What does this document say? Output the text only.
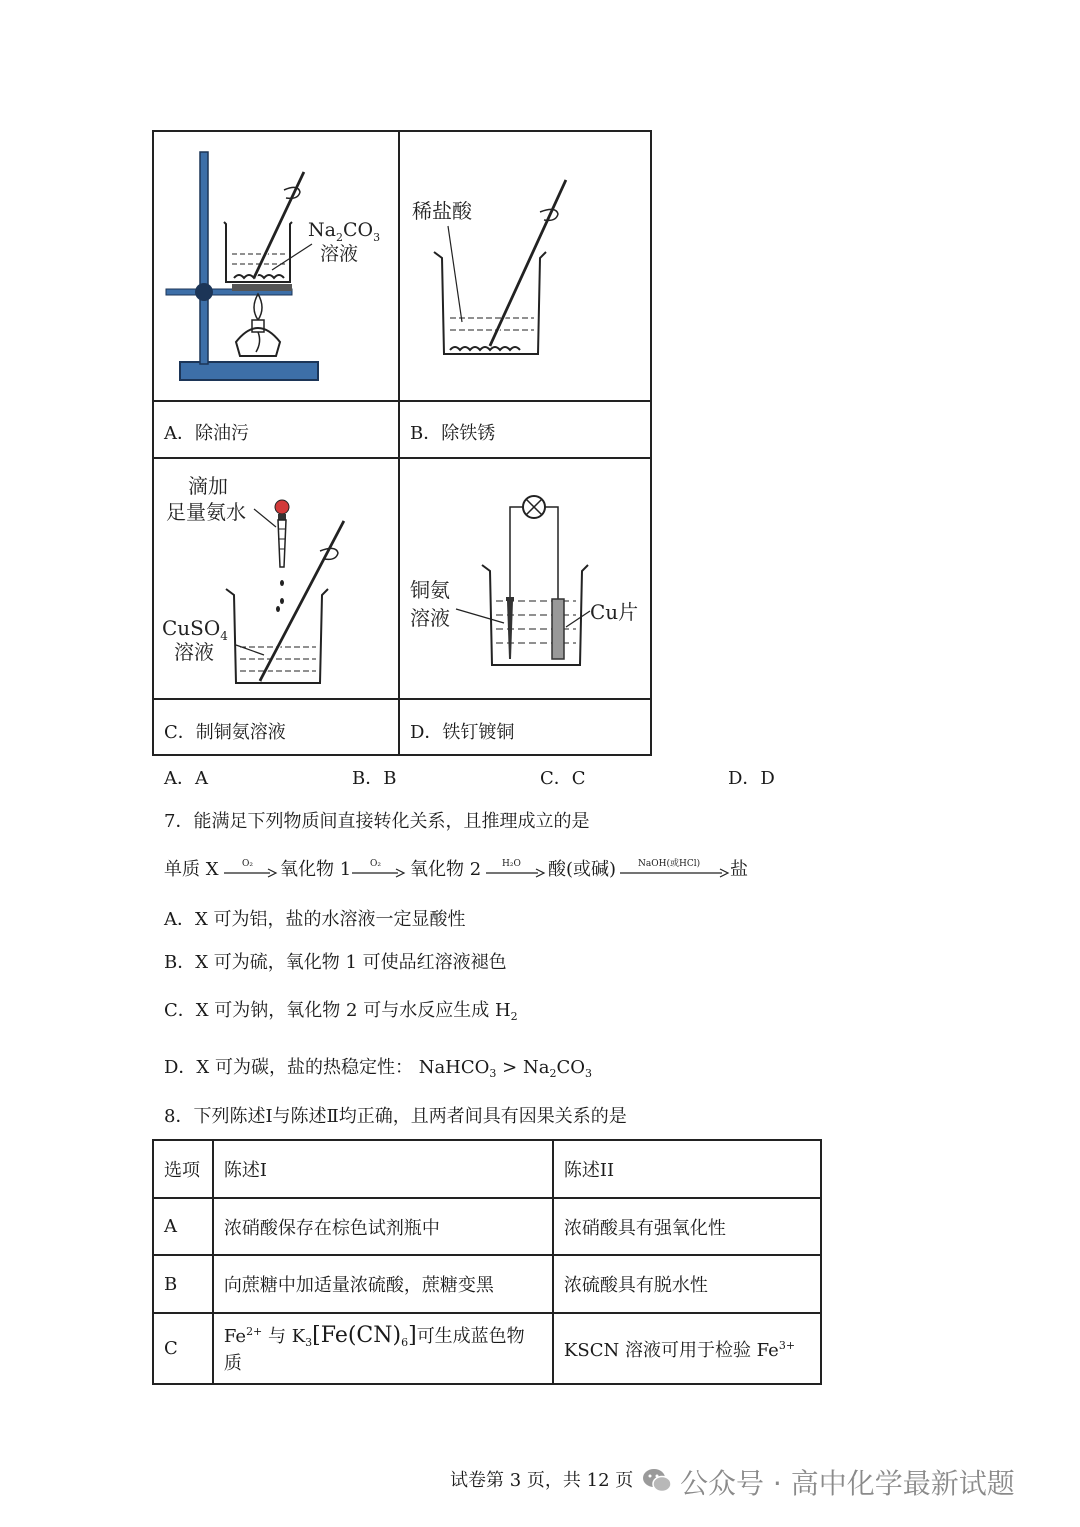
$Na_2CO_3$
溶液
稀盐酸
滴加
足量氨水
CuSO$_4$
溶液
铜氨
溶液	Cu片
A．除油污	B．除铁锈
C．制铜氨溶液	D．铁钉镀铜
A．A	B．B	C．C	D．D
7．能满足下列物质间直接转化关系，且推理成立的是
单质 X	O₂ 氧化物 1 O₂ 氧化物 2 H₂O 酸(或碱) NaOH(或HCl) 盐
A．X 可为铝，盐的水溶液一定显酸性
B．X 可为硫，氧化物 1 可使品红溶液褪色
C．X 可为钠，氧化物 2 可与水反应生成 $H_2$
D．X 可为碳，盐的热稳定性： NaHCO$_3$ > $Na_2CO_3$
8．下列陈述Ⅰ与陈述Ⅱ均正确，且两者间具有因果关系的是
选项	陈述I	陈述II
A	浓硝酸保存在棕色试剂瓶中	浓硝酸具有强氧化性
B	向蔗糖中加适量浓硫酸，蔗糖变黑	浓硫酸具有脱水性
C	$Fe^{2+}$ 与 $K_3[Fe(CN)_6]$可生成蓝色物质	KSCN 溶液可用于检验 $Fe^{3+}$
试卷第 3 页，共 12 页 公众号 · 高中化学最新试题
